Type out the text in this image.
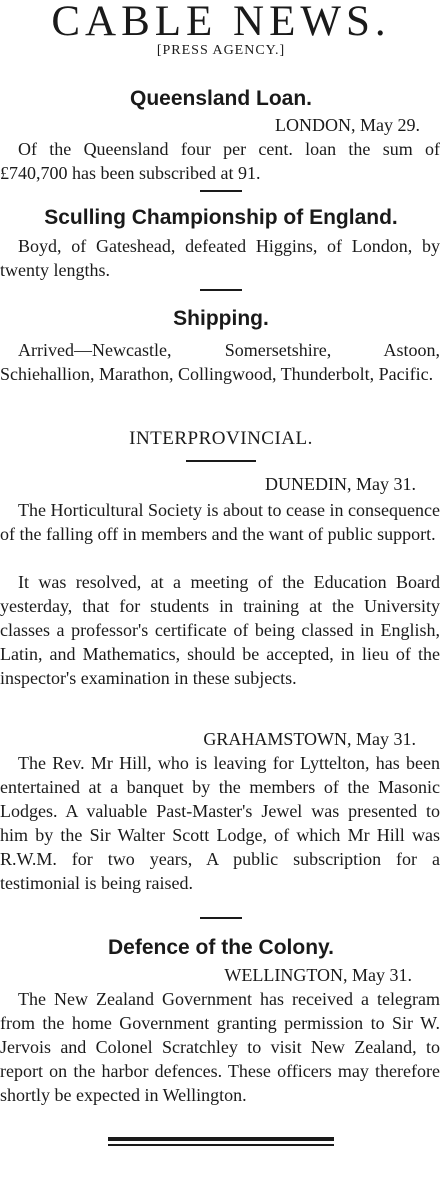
CABLE NEWS.
[PRESS AGENCY.]
Queensland Loan.
LONDON, May 29.
Of the Queensland four per cent. loan the sum of £740,700 has been subscribed at 91.
Sculling Championship of England.
Boyd, of Gateshead, defeated Higgins, of London, by twenty lengths.
Shipping.
Arrived—Newcastle, Somersetshire, Astoon, Schiehallion, Marathon, Collingwood, Thunderbolt, Pacific.
INTERPROVINCIAL.
DUNEDIN, May 31.
The Horticultural Society is about to cease in consequence of the falling off in members and the want of public support.
It was resolved, at a meeting of the Education Board yesterday, that for students in training at the University classes a professor's certificate of being classed in English, Latin, and Mathematics, should be accepted, in lieu of the inspector's examination in these subjects.
GRAHAMSTOWN, May 31.
The Rev. Mr Hill, who is leaving for Lyttelton, has been entertained at a banquet by the members of the Masonic Lodges. A valuable Past-Master's Jewel was presented to him by the Sir Walter Scott Lodge, of which Mr Hill was R.W.M. for two years, A public subscription for a testimonial is being raised.
Defence of the Colony.
WELLINGTON, May 31.
The New Zealand Government has received a telegram from the home Government granting permission to Sir W. Jervois and Colonel Scratchley to visit New Zealand, to report on the harbor defences. These officers may therefore shortly be expected in Wellington.
